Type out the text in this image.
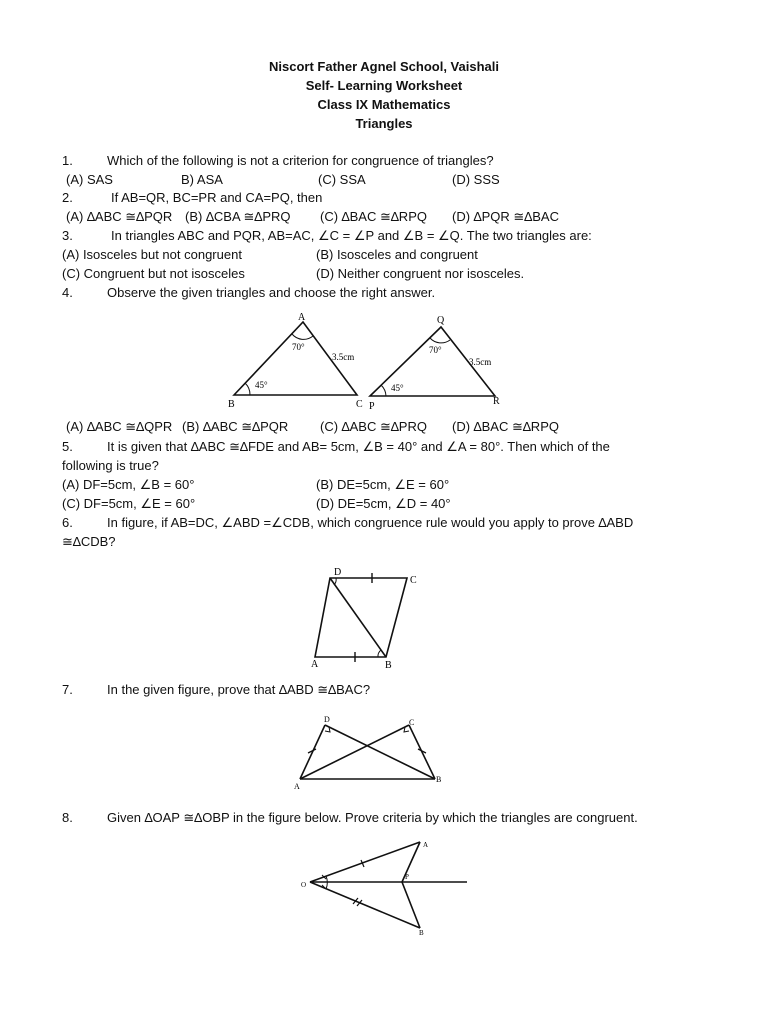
Niscort Father Agnel School, Vaishali
Self- Learning Worksheet
Class IX Mathematics
Triangles
1.	Which of the following is not a criterion for congruence of triangles?
(A) SAS	B) ASA	(C) SSA	(D) SSS
2.	If AB=QR, BC=PR and CA=PQ, then
(A) ∆ABC ≅∆PQR (B) ∆CBA ≅∆PRQ (C) ∆BAC ≅∆RPQ (D) ∆PQR ≅∆BAC
3.	In triangles ABC and PQR, AB=AC, ∠C = ∠P and ∠B = ∠Q. The two triangles are:
(A) Isosceles but not congruent	(B) Isosceles and congruent
(C) Congruent but not isosceles	(D) Neither congruent nor isosceles.
4.	Observe the given triangles and choose the right answer.
A
B	C
70°
45°
3.5cm
Q
P	R
70°
45°
3.5cm
(A) ∆ABC ≅∆QPR (B) ∆ABC ≅∆PQR (C) ∆ABC ≅∆PRQ (D) ∆BAC ≅∆RPQ
5.	It is given that ∆ABC ≅∆FDE and AB= 5cm, ∠B = 40° and ∠A = 80°. Then which of the
following is true?
(A) DF=5cm, ∠B = 60°	(B) DE=5cm, ∠E = 60°
(C) DF=5cm, ∠E = 60°	(D) DE=5cm, ∠D = 40°
6.	In figure, if AB=DC, ∠ABD =∠CDB, which congruence rule would you apply to prove ∆ABD
≅∆CDB?
D
C
A	B
7.	In the given figure, prove that ∆ABD ≅∆BAC?
D	C
A
B
8.	Given ∆OAP ≅∆OBP in the figure below. Prove criteria by which the triangles are congruent.
A
O
P
B
